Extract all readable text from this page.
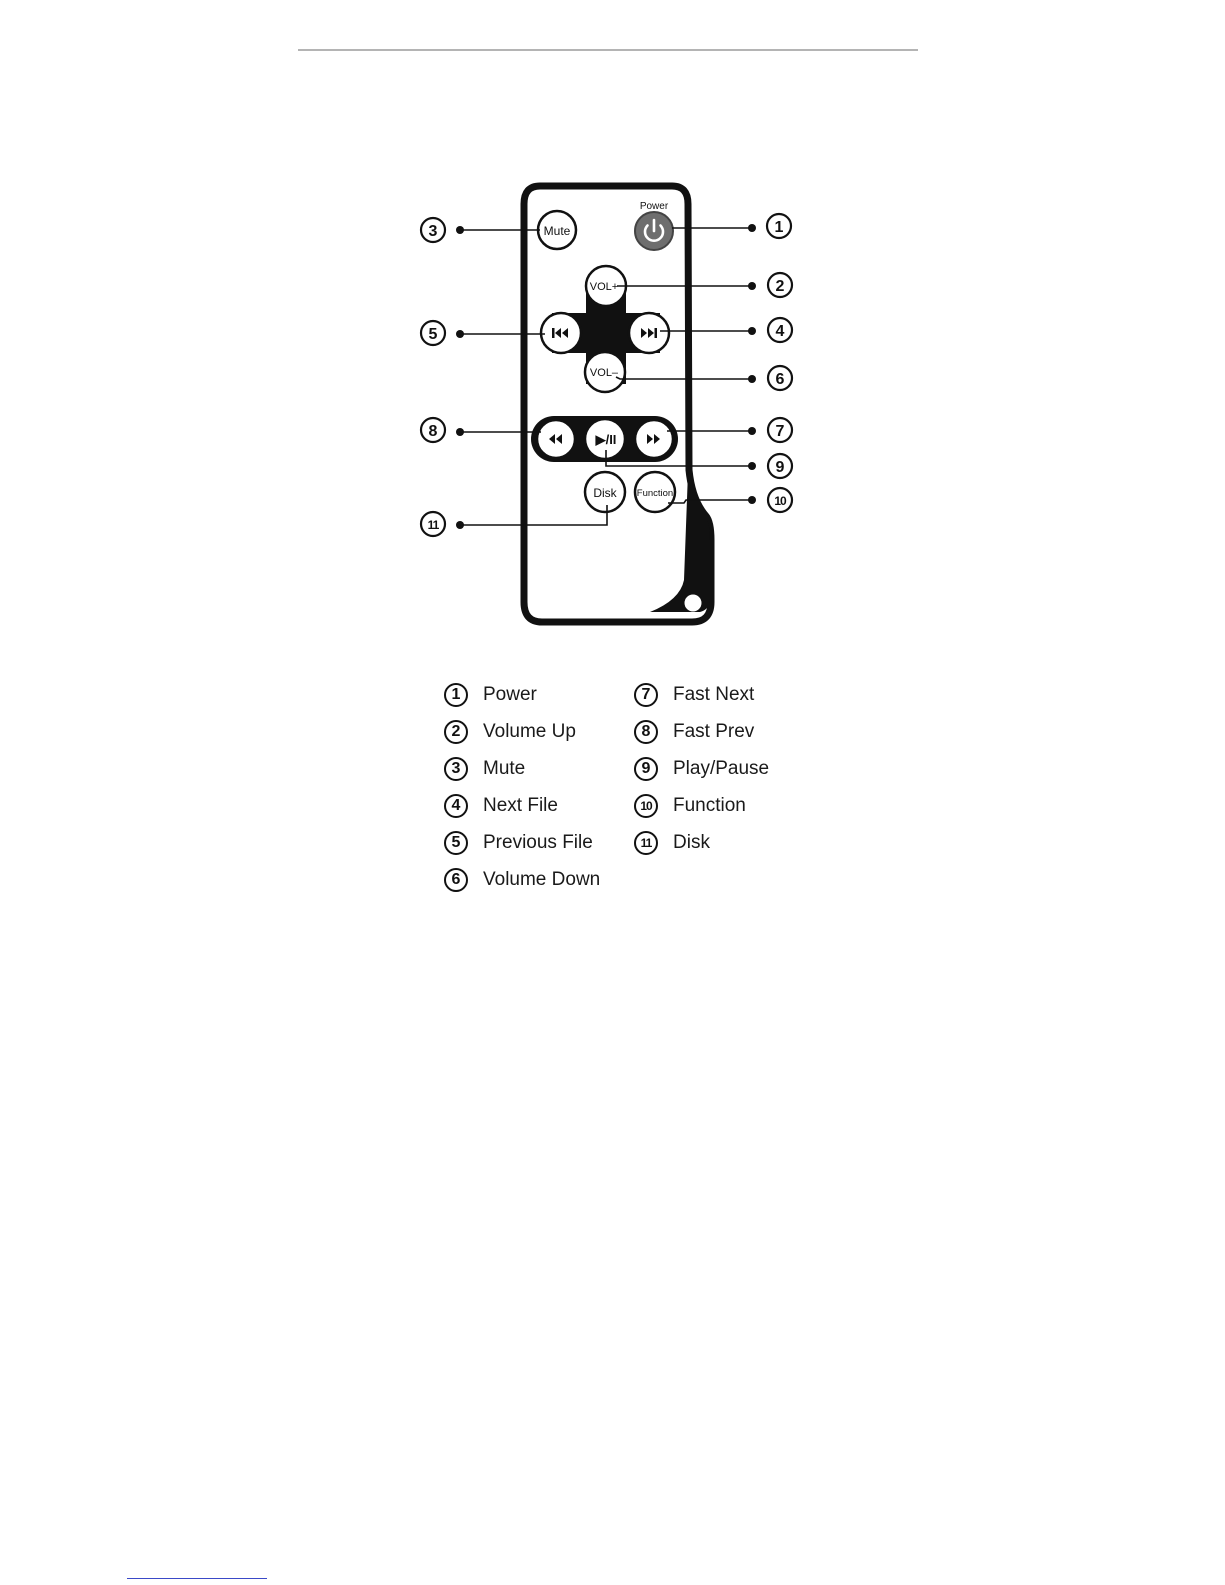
Mute
Power
VOL+
VOL–
▶/II
Disk Function
1
2
3
4
5
6
7
8
9
10
11
1	Power
2	Volume Up
3	Mute
4	Next File
5	Previous File
6	Volume Down
7	Fast Next
8	Fast Prev
9	Play/Pause
10	Function
11	Disk
